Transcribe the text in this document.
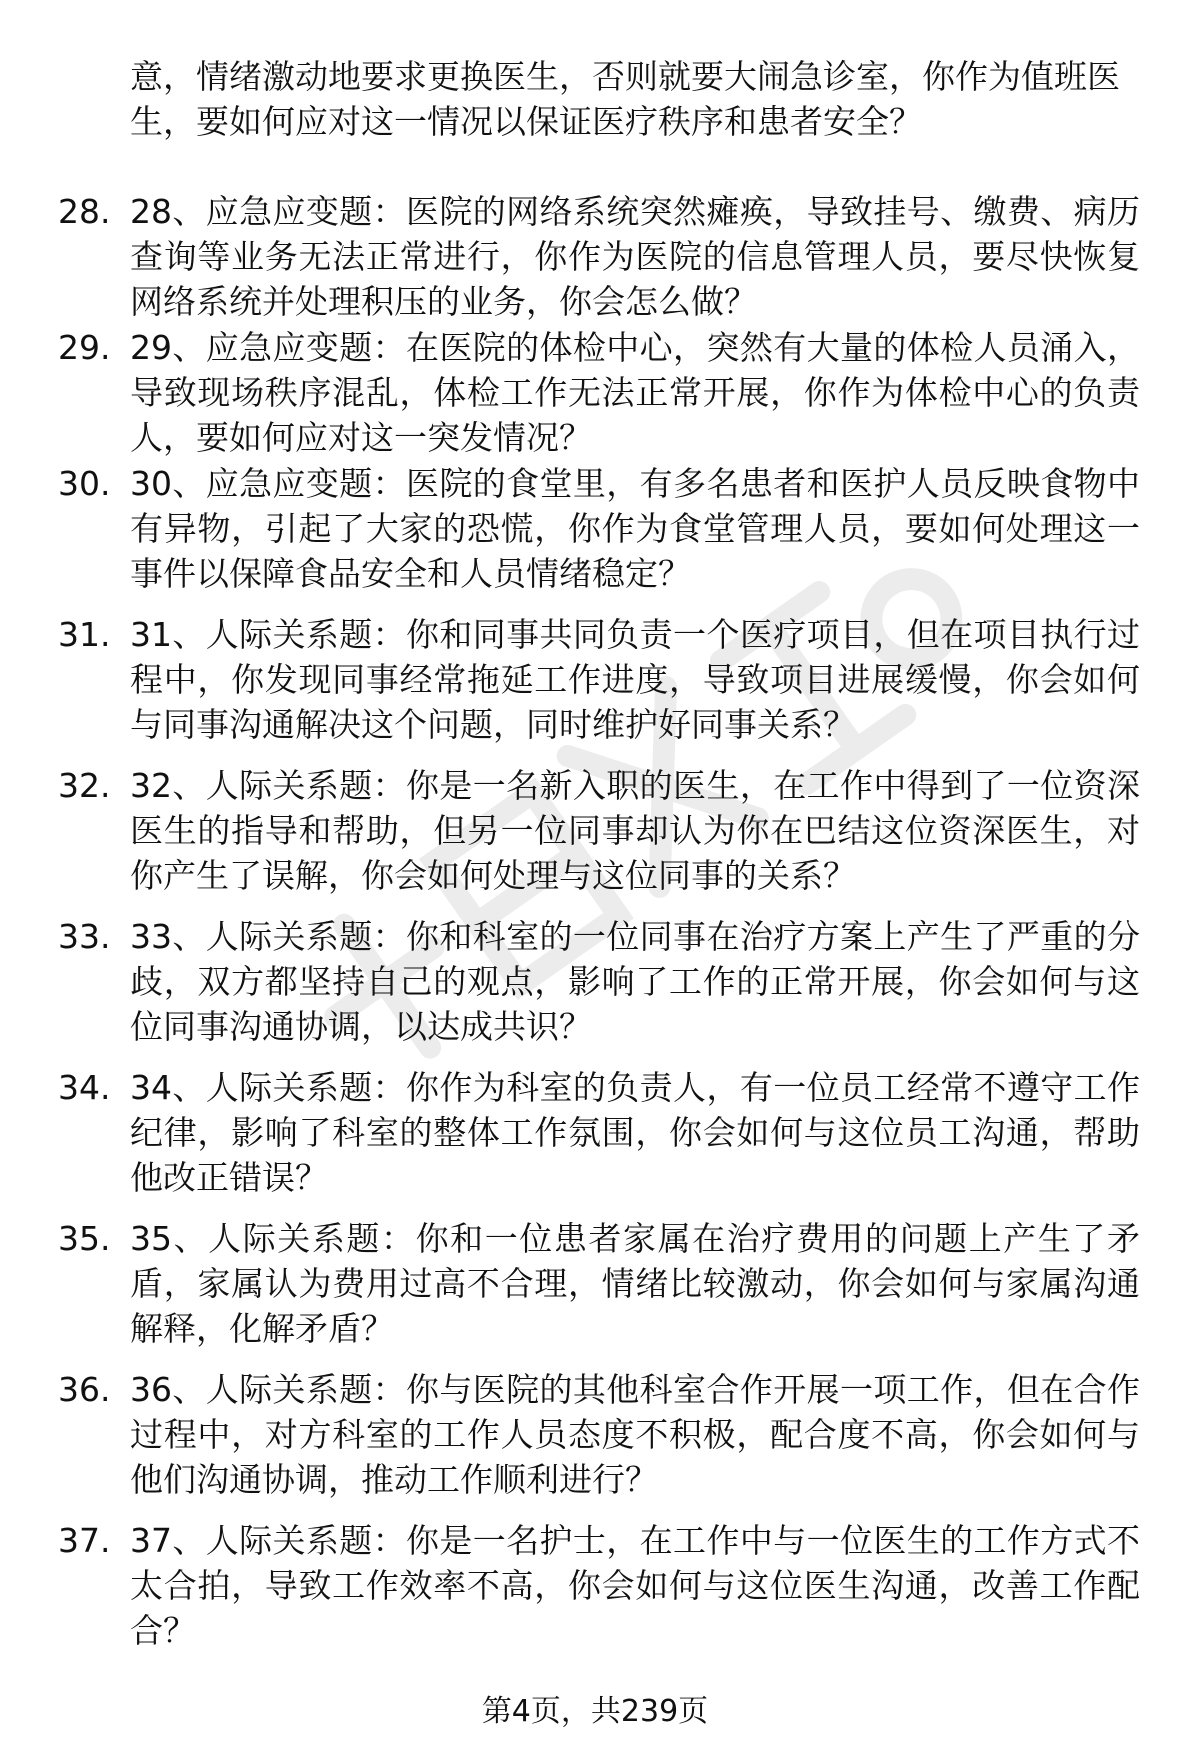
意，情绪激动地要求更换医生，否则就要大闹急诊室，你作为值班医生，要如何应对这一情况以保证医疗秩序和患者安全？
28. 28、应急应变题：医院的网络系统突然瘫痪，导致挂号、缴费、病历查询等业务无法正常进行，你作为医院的信息管理人员，要尽快恢复网络系统并处理积压的业务，你会怎么做？
29. 29、应急应变题：在医院的体检中心，突然有大量的体检人员涌入，导致现场秩序混乱，体检工作无法正常开展，你作为体检中心的负责人，要如何应对这一突发情况？
30. 30、应急应变题：医院的食堂里，有多名患者和医护人员反映食物中有异物，引起了大家的恐慌，你作为食堂管理人员，要如何处理这一事件以保障食品安全和人员情绪稳定？
31. 31、人际关系题：你和同事共同负责一个医疗项目，但在项目执行过程中，你发现同事经常拖延工作进度，导致项目进展缓慢，你会如何与同事沟通解决这个问题，同时维护好同事关系？
32. 32、人际关系题：你是一名新入职的医生，在工作中得到了一位资深医生的指导和帮助，但另一位同事却认为你在巴结这位资深医生，对你产生了误解，你会如何处理与这位同事的关系？
33. 33、人际关系题：你和科室的一位同事在治疗方案上产生了严重的分歧，双方都坚持自己的观点，影响了工作的正常开展，你会如何与这位同事沟通协调，以达成共识？
34. 34、人际关系题：你作为科室的负责人，有一位员工经常不遵守工作纪律，影响了科室的整体工作氛围，你会如何与这位员工沟通，帮助他改正错误？
35. 35、人际关系题：你和一位患者家属在治疗费用的问题上产生了矛盾，家属认为费用过高不合理，情绪比较激动，你会如何与家属沟通解释，化解矛盾？
36. 36、人际关系题：你与医院的其他科室合作开展一项工作，但在合作过程中，对方科室的工作人员态度不积极，配合度不高，你会如何与他们沟通协调，推动工作顺利进行？
37. 37、人际关系题：你是一名护士，在工作中与一位医生的工作方式不太合拍，导致工作效率不高，你会如何与这位医生沟通，改善工作配合？
第4页，共239页
